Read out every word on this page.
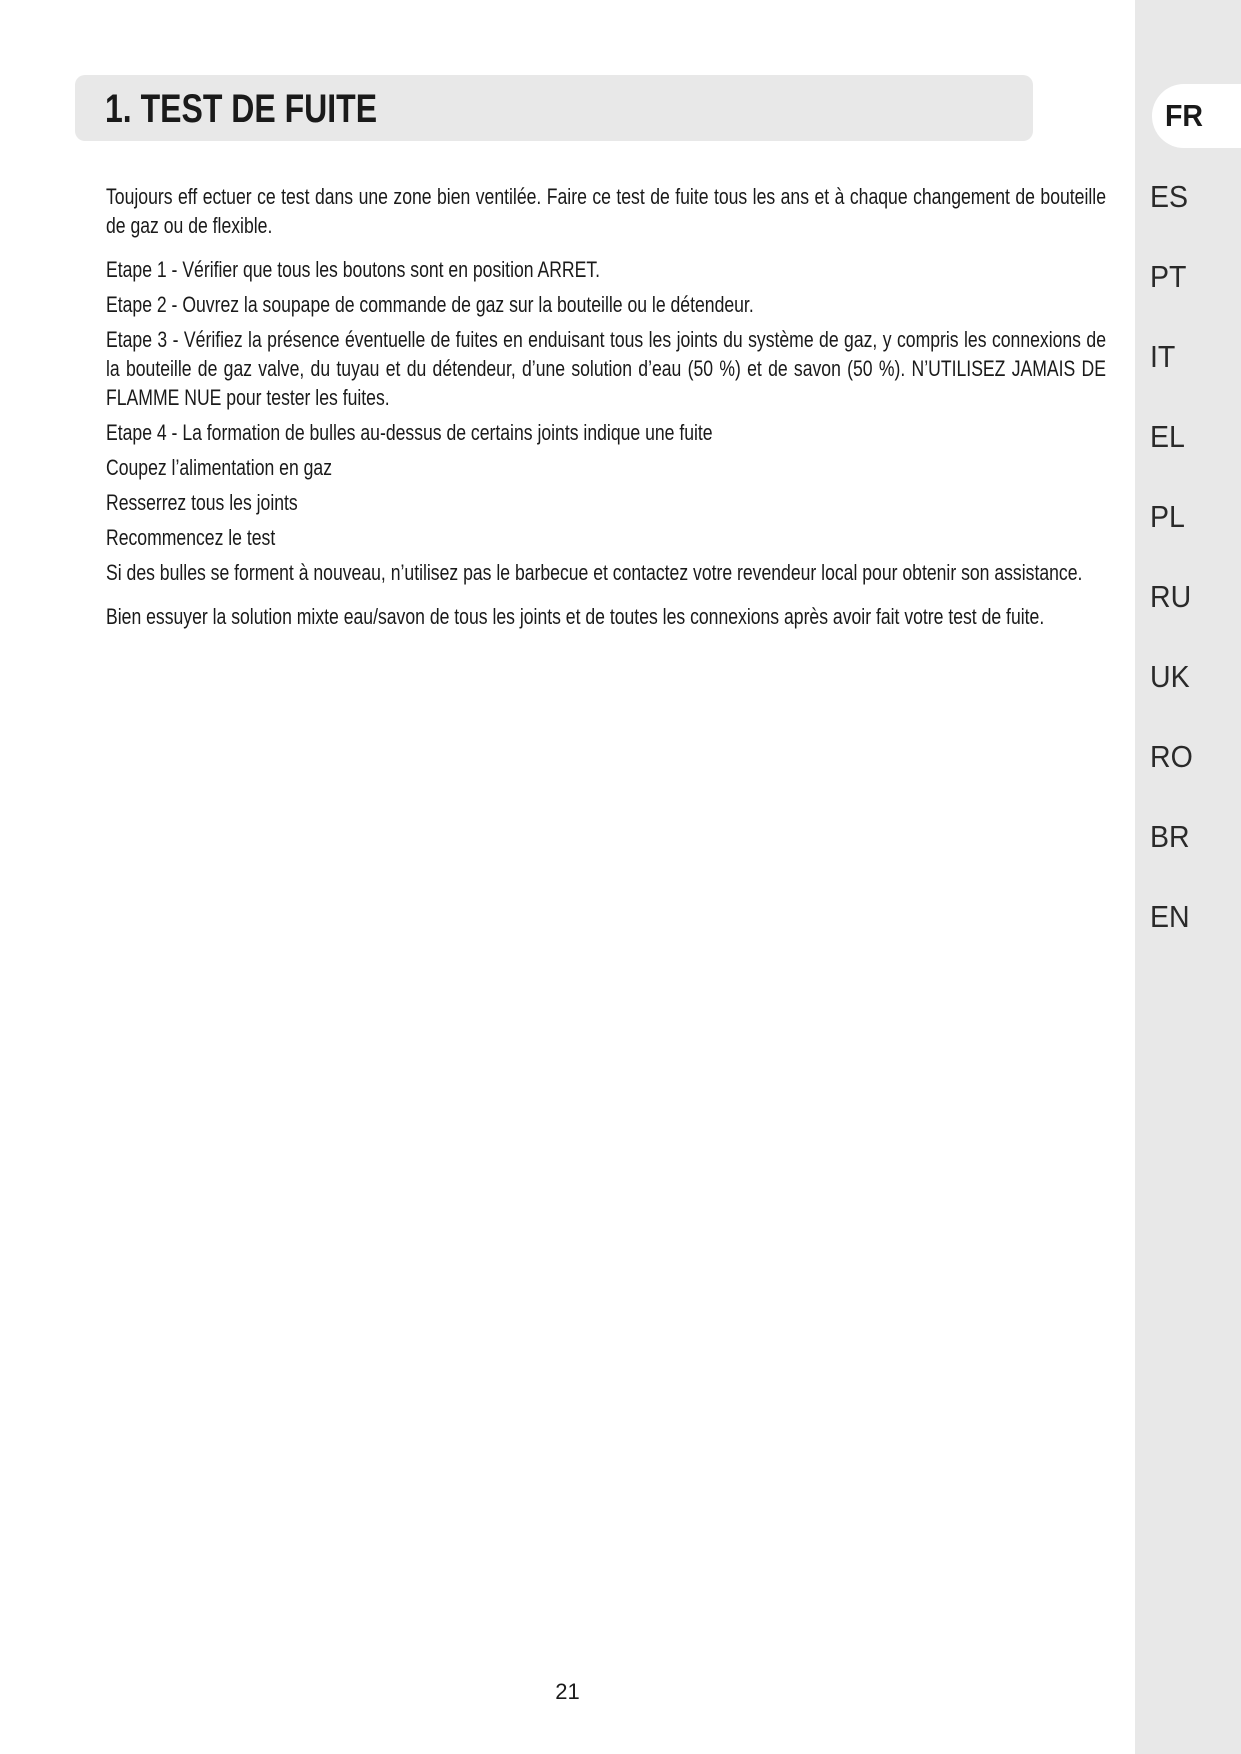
1. TEST DE FUITE

Toujours eff ectuer ce test dans une zone bien ventilée. Faire ce test de fuite tous les ans et à chaque changement de bouteille de gaz ou de flexible.

Etape 1 - Vérifier que tous les boutons sont en position ARRET.

Etape 2 - Ouvrez la soupape de commande de gaz sur la bouteille ou le détendeur.

Etape 3 - Vérifiez la présence éventuelle de fuites en enduisant tous les joints du système de gaz, y compris les connexions de la bouteille de gaz valve, du tuyau et du détendeur, d’une solution d’eau (50 %) et de savon (50 %). N’UTILISEZ JAMAIS DE FLAMME NUE pour tester les fuites.

Etape 4 - La formation de bulles au-dessus de certains joints indique une fuite

Coupez l’alimentation en gaz

Resserrez tous les joints

Recommencez le test

Si des bulles se forment à nouveau, n’utilisez pas le barbecue et contactez votre revendeur local pour obtenir son assistance.

Bien essuyer la solution mixte eau/savon de tous les joints et de toutes les connexions après avoir fait votre test de fuite.

21
FR
ES
PT
IT
EL
PL
RU
UK
RO
BR
EN
